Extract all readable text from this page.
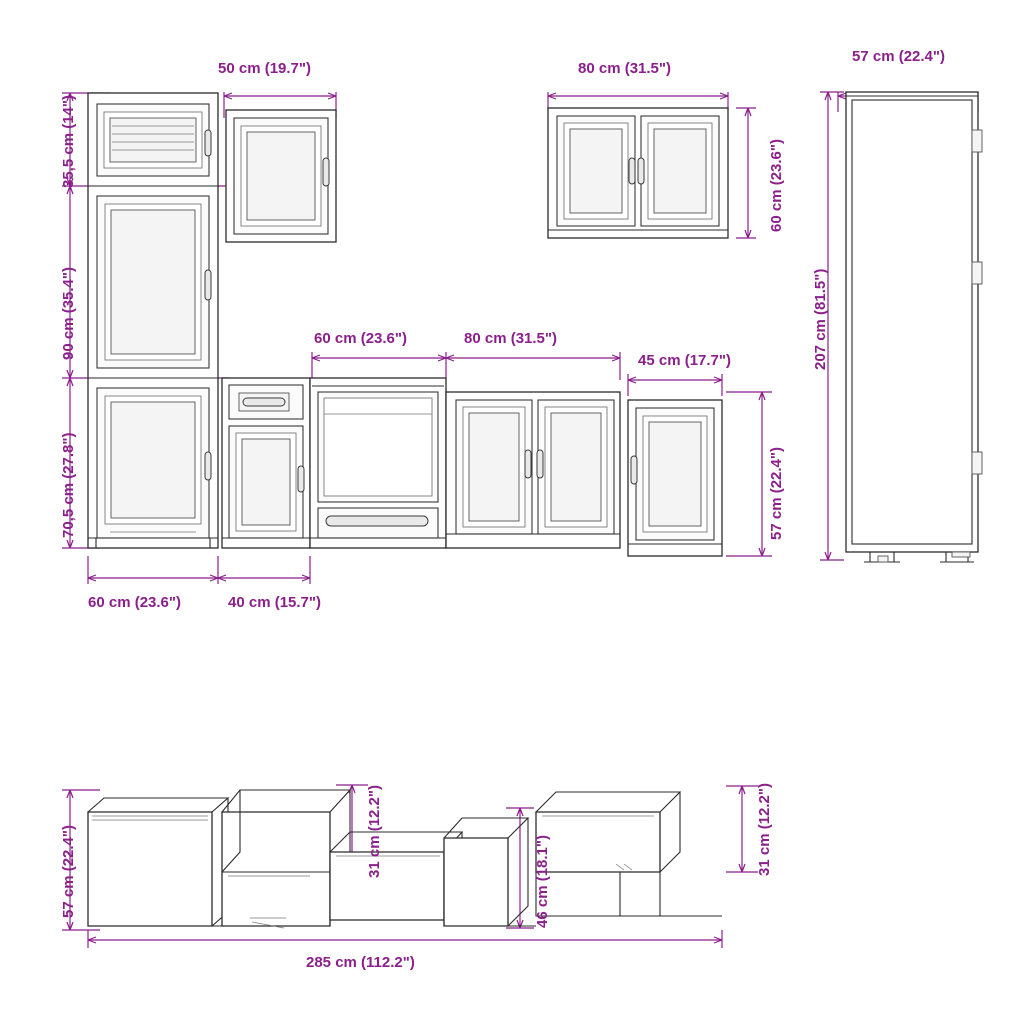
50 cm (19.7")	80 cm (31.5")
57 cm (22.4")
60 cm (23.6")	80 cm (31.5")
45 cm (17.7")
60 cm (23.6")	40 cm (15.7")
35,5 cm (14")
90 cm (35.4")
70,5 cm (27.8")
60 cm (23.6")
57 cm (22.4")
207 cm (81.5")
57 cm (22.4")	31 cm (12.2")
46 cm (18.1")
31 cm (12.2")
285 cm (112.2")
